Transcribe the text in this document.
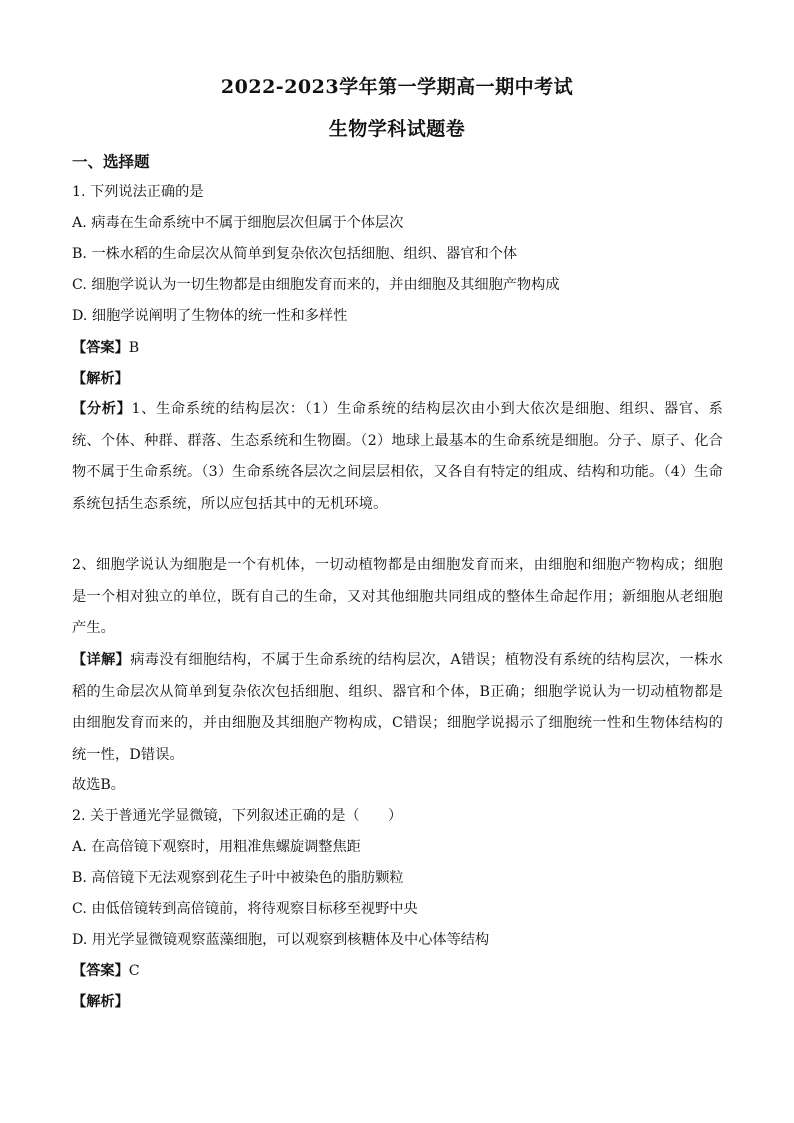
2022-2023学年第一学期高一期中考试
生物学科试题卷
一、选择题
1. 下列说法正确的是
A. 病毒在生命系统中不属于细胞层次但属于个体层次
B. 一株水稻的生命层次从简单到复杂依次包括细胞、组织、器官和个体
C. 细胞学说认为一切生物都是由细胞发育而来的，并由细胞及其细胞产物构成
D. 细胞学说阐明了生物体的统一性和多样性
【答案】B
【解析】
【分析】1、生命系统的结构层次：（1）生命系统的结构层次由小到大依次是细胞、组织、器官、系统、个体、种群、群落、生态系统和生物圈。（2）地球上最基本的生命系统是细胞。分子、原子、化合物不属于生命系统。（3）生命系统各层次之间层层相依，又各自有特定的组成、结构和功能。（4）生命系统包括生态系统，所以应包括其中的无机环境。
2、细胞学说认为细胞是一个有机体，一切动植物都是由细胞发育而来，由细胞和细胞产物构成；细胞是一个相对独立的单位，既有自己的生命，又对其他细胞共同组成的整体生命起作用；新细胞从老细胞产生。
【详解】病毒没有细胞结构，不属于生命系统的结构层次，A错误；植物没有系统的结构层次，一株水稻的生命层次从简单到复杂依次包括细胞、组织、器官和个体，B正确；细胞学说认为一切动植物都是由细胞发育而来的，并由细胞及其细胞产物构成，C错误；细胞学说揭示了细胞统一性和生物体结构的统一性，D错误。
故选B。
2. 关于普通光学显微镜，下列叙述正确的是（　　）
A. 在高倍镜下观察时，用粗准焦螺旋调整焦距
B. 高倍镜下无法观察到花生子叶中被染色的脂肪颗粒
C. 由低倍镜转到高倍镜前，将待观察目标移至视野中央
D. 用光学显微镜观察蓝藻细胞，可以观察到核糖体及中心体等结构
【答案】C
【解析】
